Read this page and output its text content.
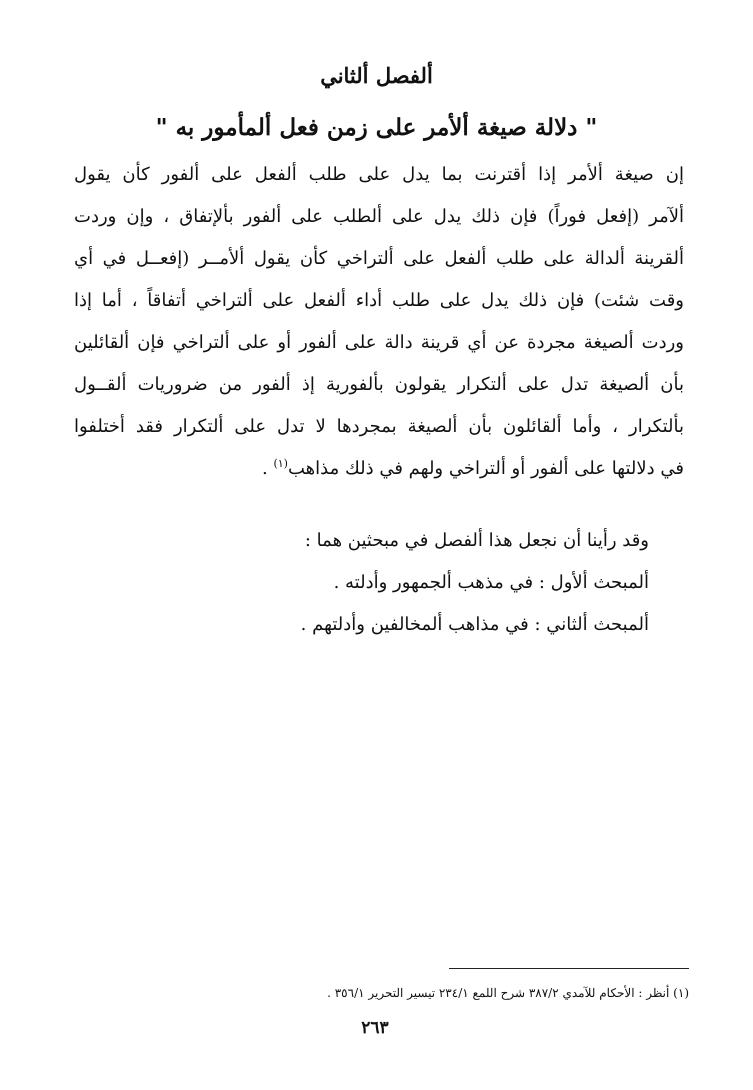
ألفصل ألثاني
" دلالة صيغة ألأمر على زمن فعل ألمأمور به "
إن صيغة ألأمر إذا أقترنت بما يدل على طلب ألفعل على ألفور كأن يقول
ألآمر (إفعل فوراً) فإن ذلك يدل على ألطلب على ألفور بألإتفاق ، وإن وردت
ألقرينة ألدالة على طلب ألفعل على ألتراخي كأن يقول ألأمــر (إفعــل في أي
وقت شئت) فإن ذلك يدل على طلب أداء ألفعل على ألتراخي أتفاقاً ، أما إذا
وردت ألصيغة مجردة عن أي قرينة دالة على ألفور أو على ألتراخي فإن ألقائلين
بأن ألصيغة تدل على ألتكرار يقولون بألفورية إذ ألفور من ضروريات ألقــول
بألتكرار ، وأما ألقائلون بأن ألصيغة بمجردها لا تدل على ألتكرار فقد أختلفوا
في دلالتها على ألفور أو ألتراخي ولهم في ذلك مذاهب$^{(١)}$ .
وقد رأينا أن نجعل هذا ألفصل في مبحثين هما :
ألمبحث ألأول : في مذهب ألجمهور وأدلته .
ألمبحث ألثاني : في مذاهب ألمخالفين وأدلتهم .
(١) أنظر : الأحكام للآمدي ٣٨٧/٢ شرح اللمع ٢٣٤/١ تيسير التحرير ٣٥٦/١ .
٢٦٣
